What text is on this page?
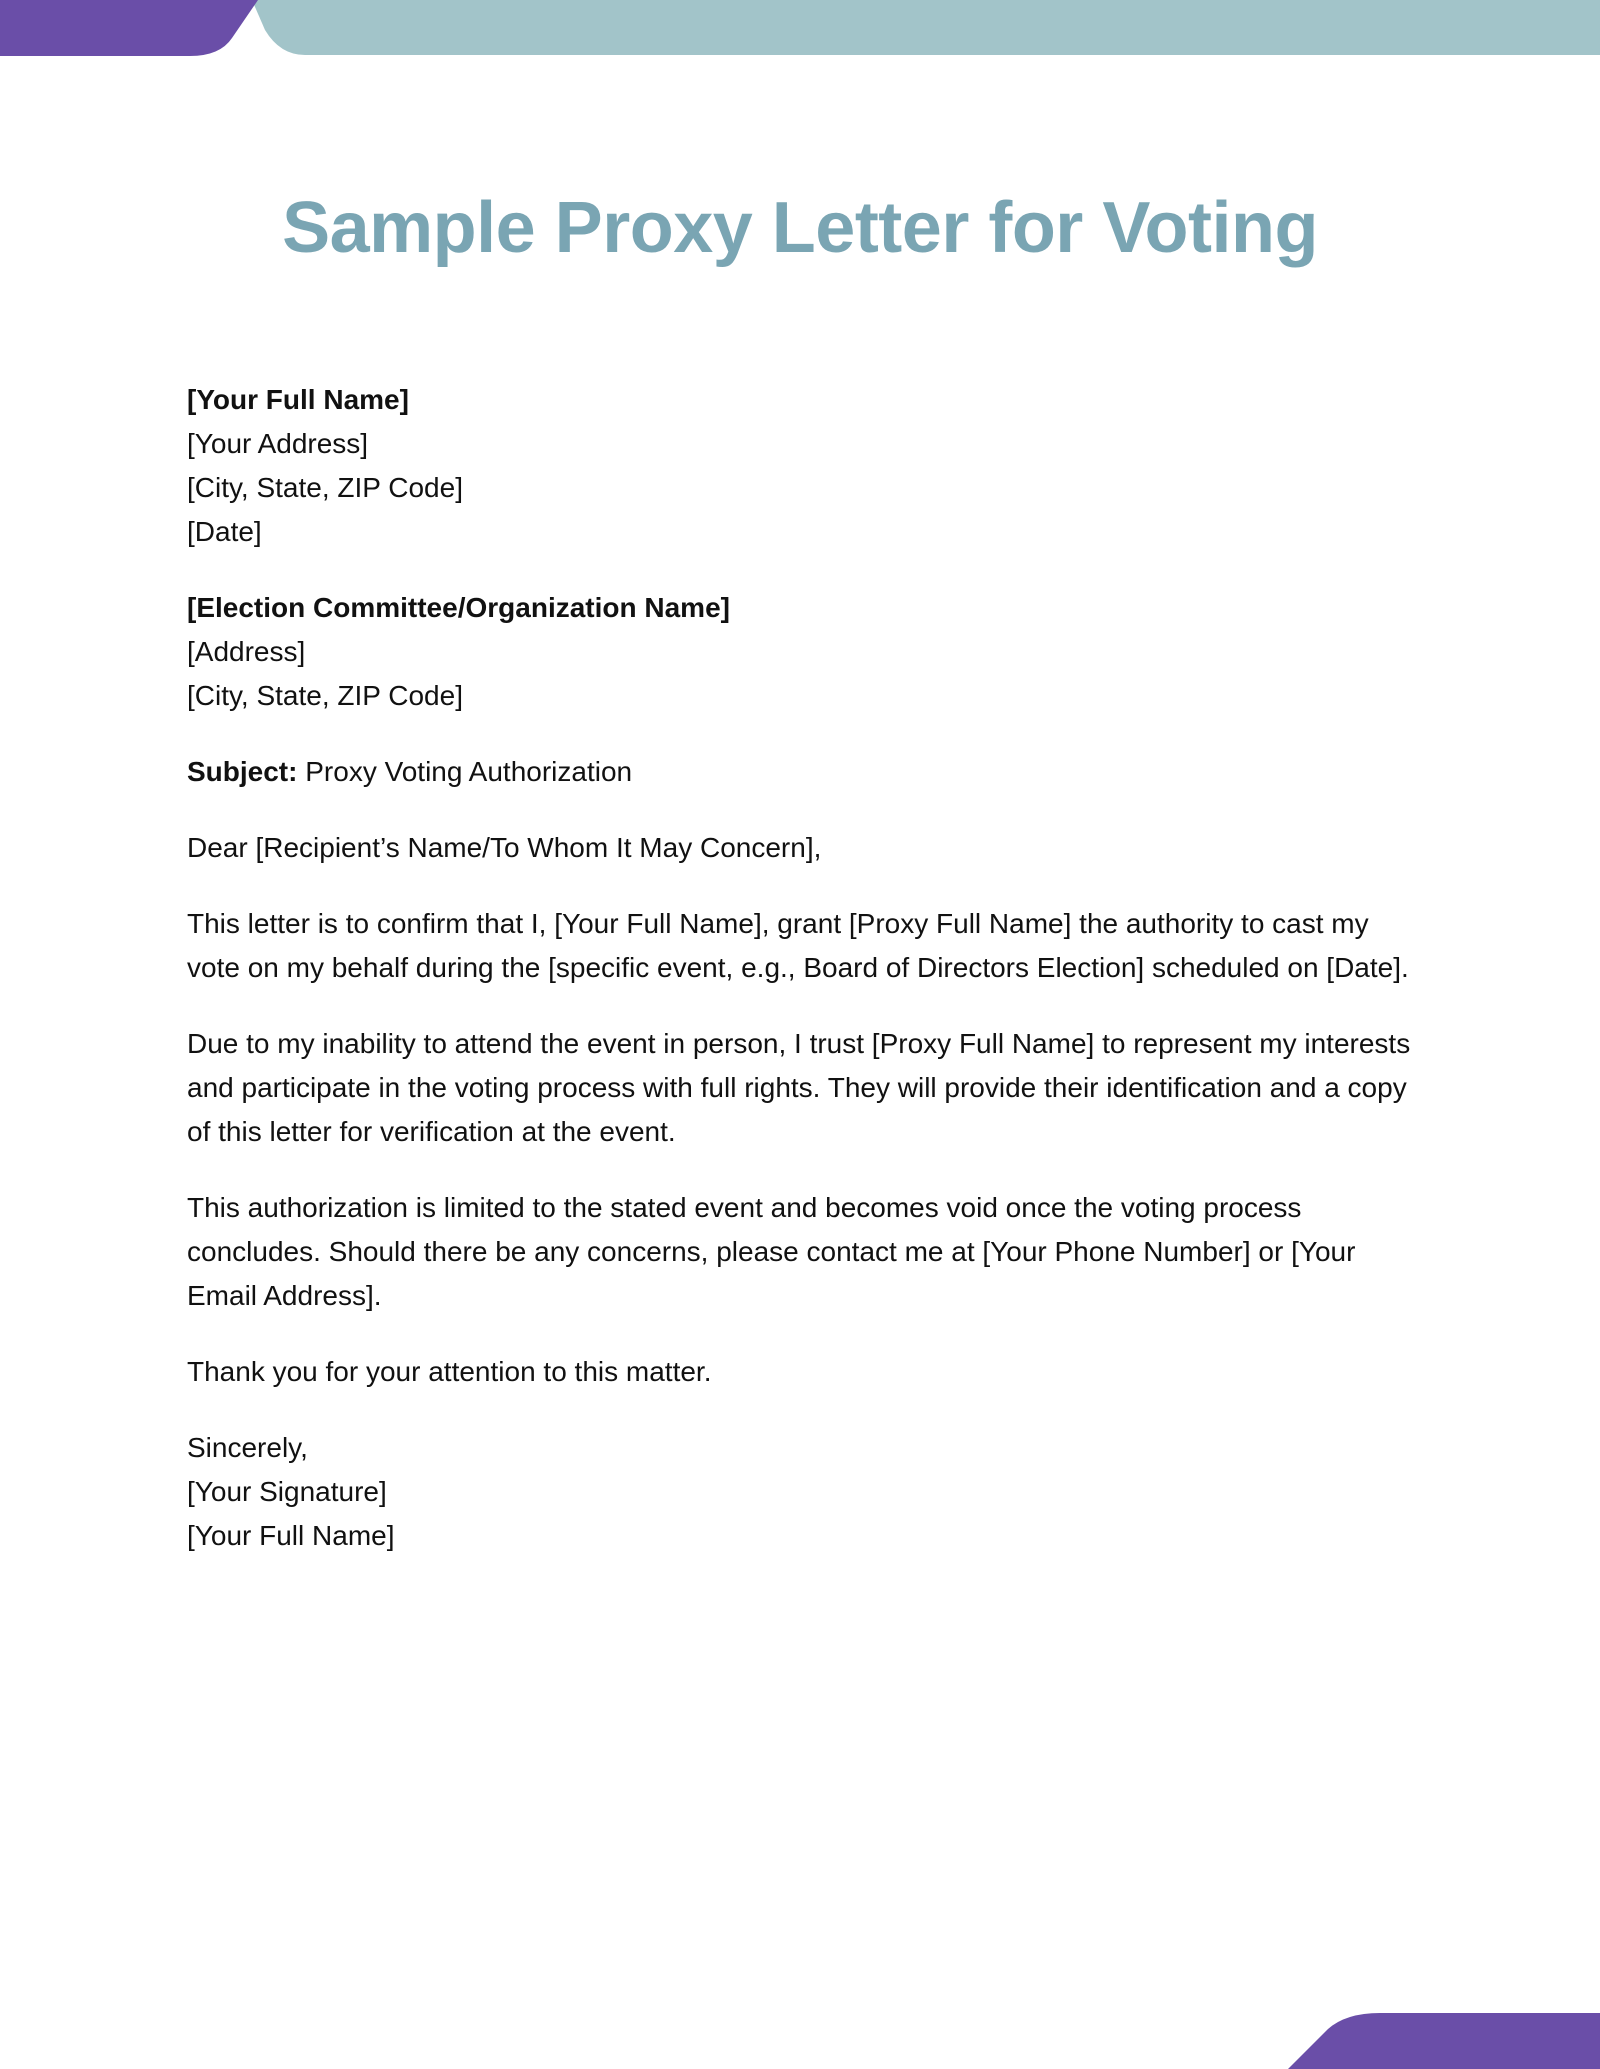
Sample Proxy Letter for Voting
[Your Full Name]
[Your Address]
[City, State, ZIP Code]
[Date]
[Election Committee/Organization Name]
[Address]
[City, State, ZIP Code]

Subject: Proxy Voting Authorization

Dear [Recipient’s Name/To Whom It May Concern],

This letter is to confirm that I, [Your Full Name], grant [Proxy Full Name] the authority to cast my vote on my behalf during the [specific event, e.g., Board of Directors Election] scheduled on [Date].

Due to my inability to attend the event in person, I trust [Proxy Full Name] to represent my interests and participate in the voting process with full rights. They will provide their identification and a copy of this letter for verification at the event.

This authorization is limited to the stated event and becomes void once the voting process concludes. Should there be any concerns, please contact me at [Your Phone Number] or [Your Email Address].

Thank you for your attention to this matter.

Sincerely,
[Your Signature]
[Your Full Name]
